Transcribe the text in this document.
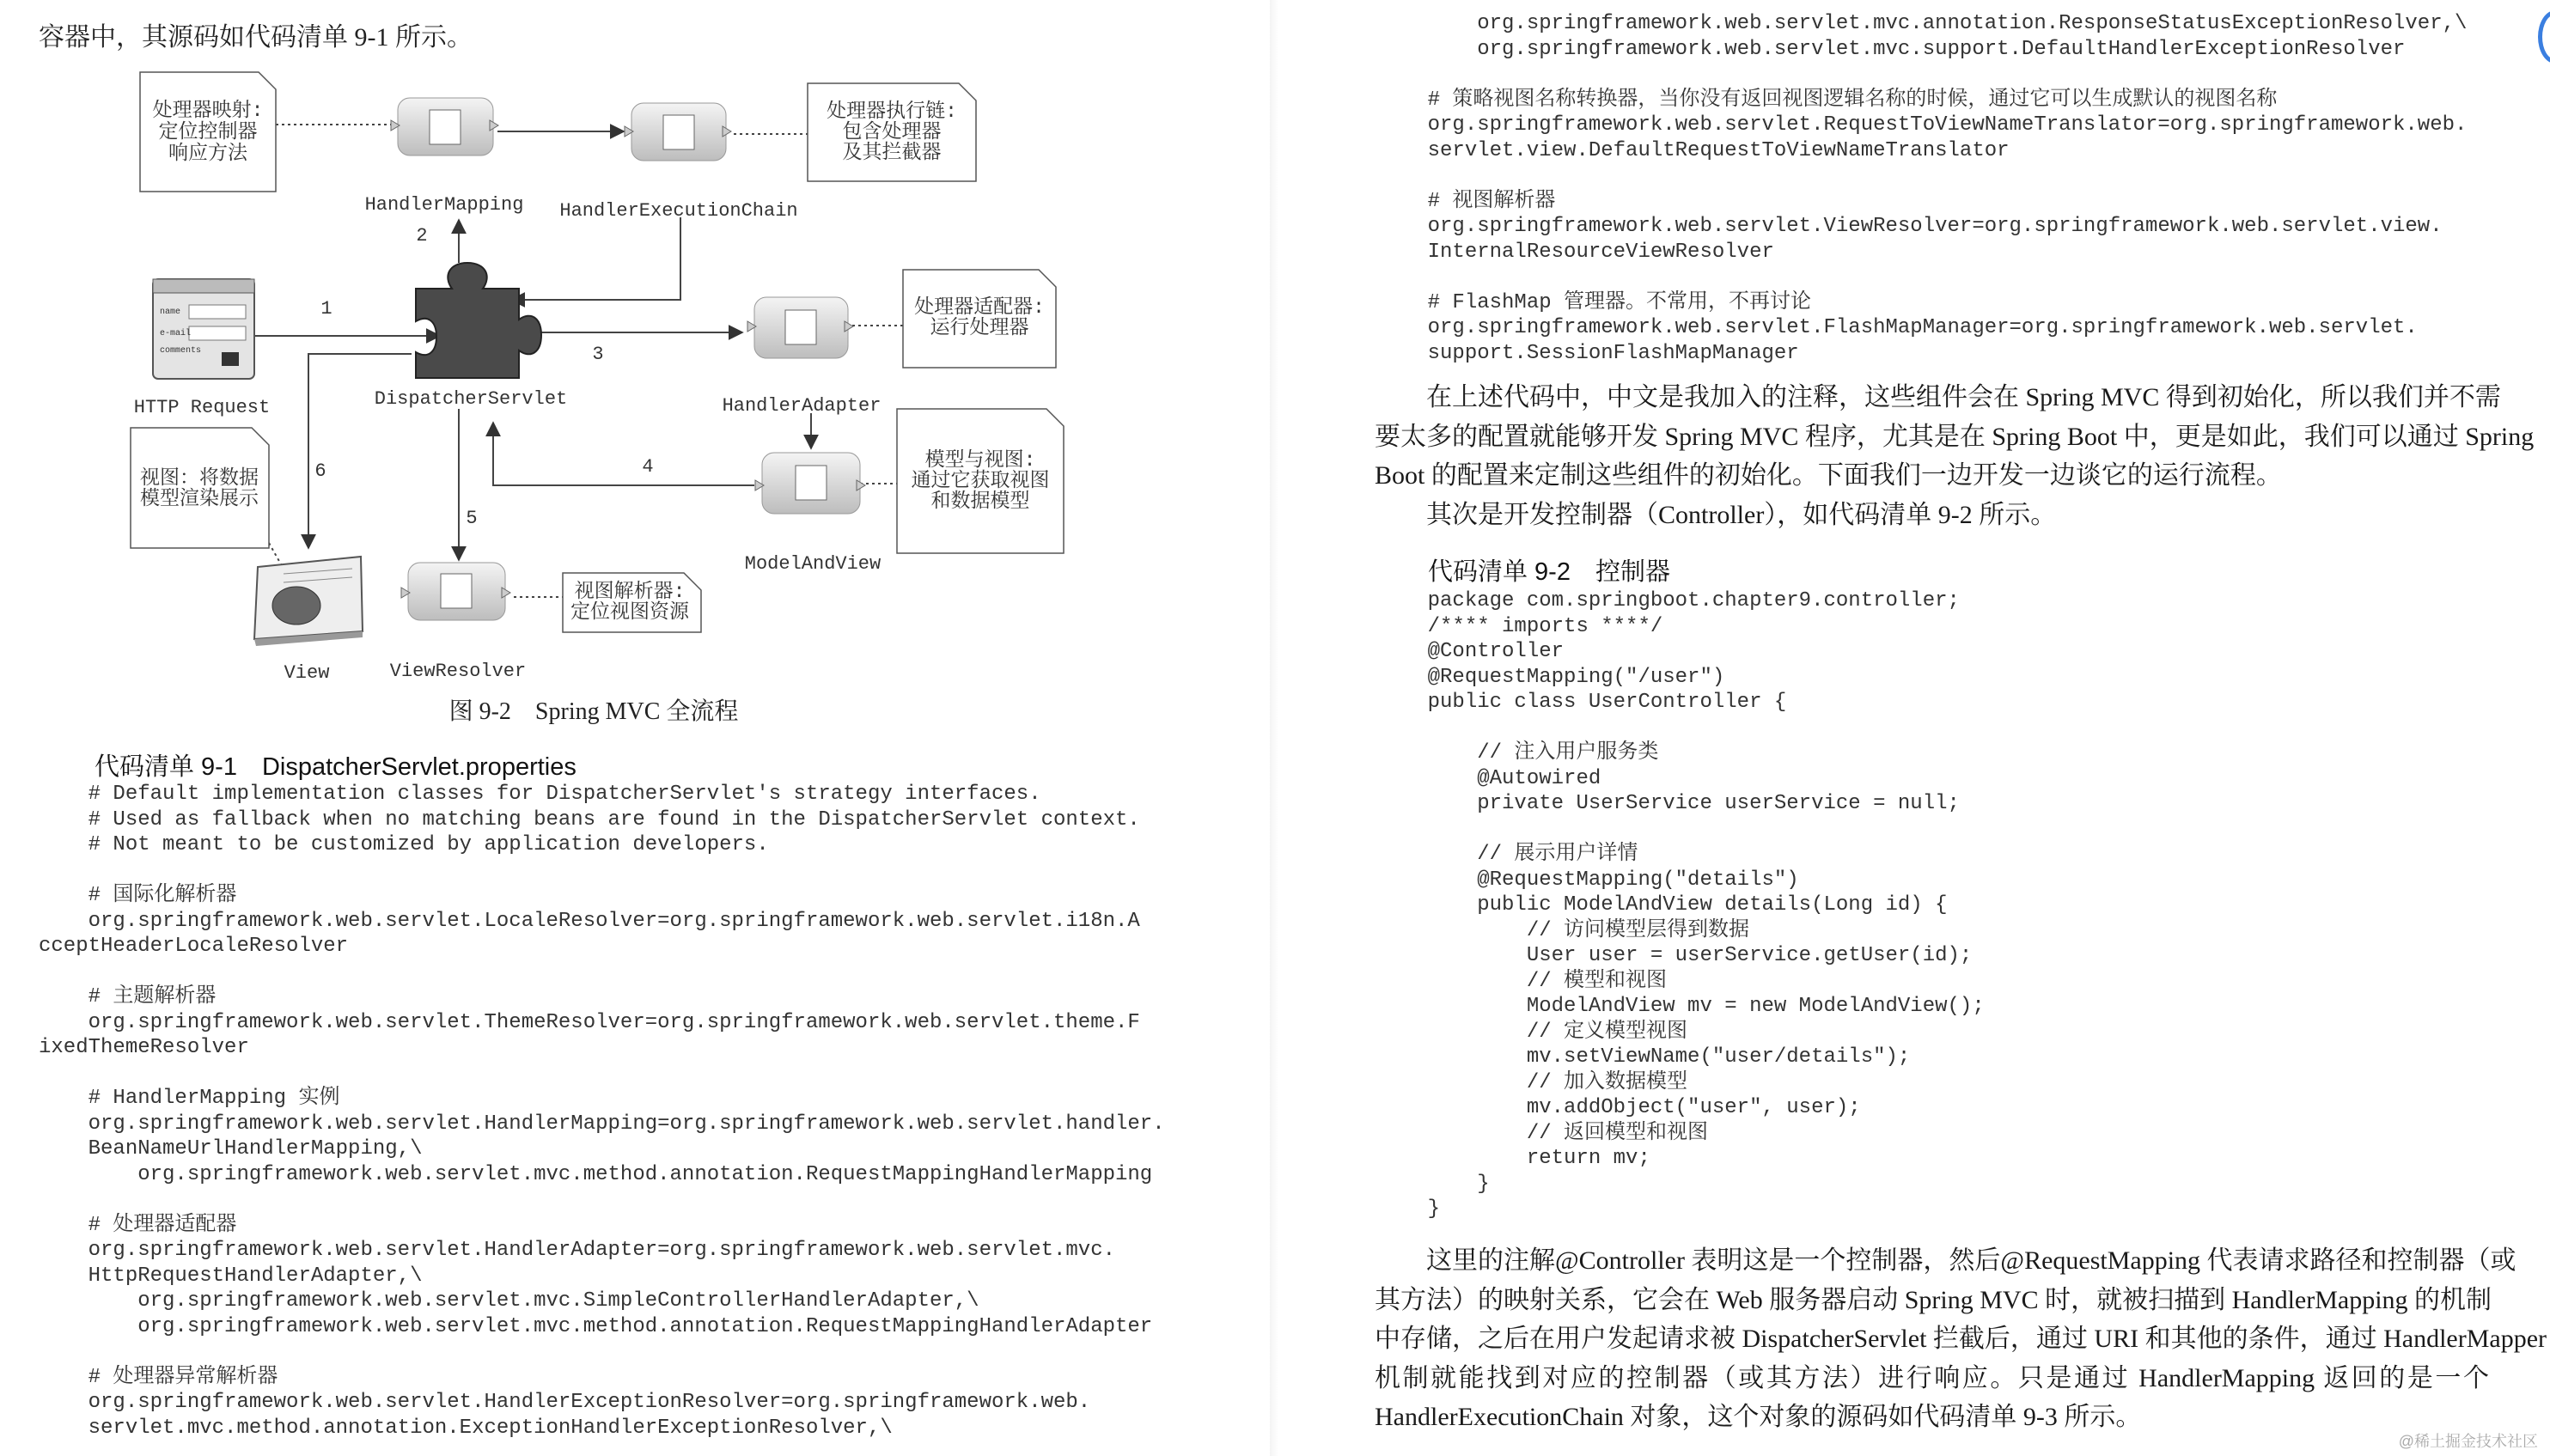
容器中，其源码如代码清单 9-1 所示。
处理器映射:
定位控制器
响应方法
处理器执行链:
包含处理器
及其拦截器
处理器适配器:
运行处理器
模型与视图:
通过它获取视图
和数据模型
视图：将数据
模型渲染展示
视图解析器:
定位视图资源
name
e-mail
comments
HandlerMapping HandlerExecutionChain
DispatcherServlet
HTTP Request	HandlerAdapter
ModelAndView
View	ViewResolver
1
2
3
4
5
6
图 9-2　Spring MVC 全流程
代码清单 9-1　DispatcherServlet.properties
# Default implementation classes for DispatcherServlet's strategy interfaces.
# Used as fallback when no matching beans are found in the DispatcherServlet context.
# Not meant to be customized by application developers.
# 国际化解析器
org.springframework.web.servlet.LocaleResolver=org.springframework.web.servlet.i18n.A
cceptHeaderLocaleResolver
# 主题解析器
org.springframework.web.servlet.ThemeResolver=org.springframework.web.servlet.theme.F
ixedThemeResolver
# HandlerMapping 实例
org.springframework.web.servlet.HandlerMapping=org.springframework.web.servlet.handler.
BeanNameUrlHandlerMapping,\
org.springframework.web.servlet.mvc.method.annotation.RequestMappingHandlerMapping
# 处理器适配器
org.springframework.web.servlet.HandlerAdapter=org.springframework.web.servlet.mvc.
HttpRequestHandlerAdapter,\
org.springframework.web.servlet.mvc.SimpleControllerHandlerAdapter,\
org.springframework.web.servlet.mvc.method.annotation.RequestMappingHandlerAdapter
# 处理器异常解析器
org.springframework.web.servlet.HandlerExceptionResolver=org.springframework.web.
servlet.mvc.method.annotation.ExceptionHandlerExceptionResolver,\
org.springframework.web.servlet.mvc.annotation.ResponseStatusExceptionResolver,\
org.springframework.web.servlet.mvc.support.DefaultHandlerExceptionResolver
# 策略视图名称转换器，当你没有返回视图逻辑名称的时候，通过它可以生成默认的视图名称
org.springframework.web.servlet.RequestToViewNameTranslator=org.springframework.web.
servlet.view.DefaultRequestToViewNameTranslator
# 视图解析器
org.springframework.web.servlet.ViewResolver=org.springframework.web.servlet.view.
InternalResourceViewResolver
# FlashMap 管理器。不常用，不再讨论
org.springframework.web.servlet.FlashMapManager=org.springframework.web.servlet.
support.SessionFlashMapManager
　　在上述代码中，中文是我加入的注释，这些组件会在 Spring MVC 得到初始化，所以我们并不需
要太多的配置就能够开发 Spring MVC 程序，尤其是在 Spring Boot 中，更是如此，我们可以通过 Spring
Boot 的配置来定制这些组件的初始化。下面我们一边开发一边谈它的运行流程。
　　其次是开发控制器（Controller），如代码清单 9-2 所示。
代码清单 9-2　控制器
package com.springboot.chapter9.controller;
/**** imports ****/
@Controller
@RequestMapping("/user")
public class UserController {
// 注入用户服务类
@Autowired
private UserService userService = null;
// 展示用户详情
@RequestMapping("details")
public ModelAndView details(Long id) {
// 访问模型层得到数据
User user = userService.getUser(id);
// 模型和视图
ModelAndView mv = new ModelAndView();
// 定义模型视图
mv.setViewName("user/details");
// 加入数据模型
mv.addObject("user", user);
// 返回模型和视图
return mv;
}
}
　　这里的注解@Controller 表明这是一个控制器，然后@RequestMapping 代表请求路径和控制器（或
其方法）的映射关系，它会在 Web 服务器启动 Spring MVC 时，就被扫描到 HandlerMapping 的机制
中存储，之后在用户发起请求被 DispatcherServlet 拦截后，通过 URI 和其他的条件，通过 HandlerMapper
机制就能找到对应的控制器（或其方法）进行响应。只是通过 HandlerMapping 返回的是一个
HandlerExecutionChain 对象，这个对象的源码如代码清单 9-3 所示。
@稀土掘金技术社区
